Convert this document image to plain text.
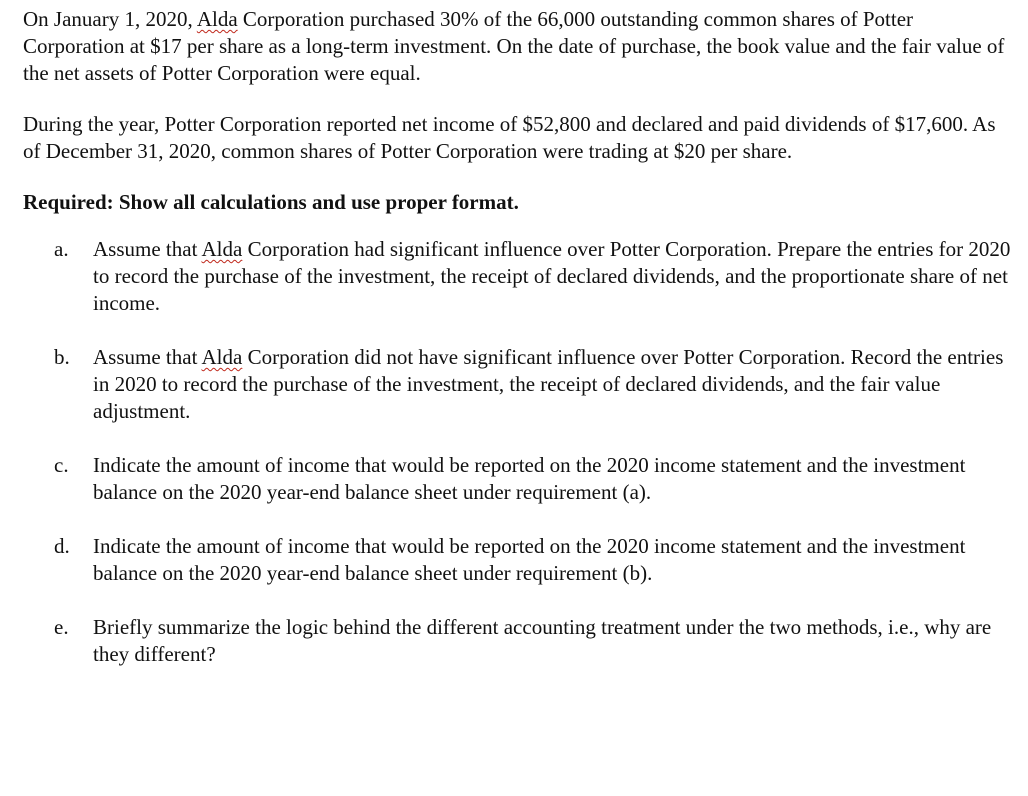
On January 1, 2020, Alda Corporation purchased 30% of the 66,000 outstanding common shares of Potter Corporation at $17 per share as a long-term investment. On the date of purchase, the book value and the fair value of the net assets of Potter Corporation were equal.

During the year, Potter Corporation reported net income of $52,800 and declared and paid dividends of $17,600. As of December 31, 2020, common shares of Potter Corporation were trading at $20 per share.

Required: Show all calculations and use proper format.

a. Assume that Alda Corporation had significant influence over Potter Corporation. Prepare the entries for 2020 to record the purchase of the investment, the receipt of declared dividends, and the proportionate share of net income.
b. Assume that Alda Corporation did not have significant influence over Potter Corporation. Record the entries in 2020 to record the purchase of the investment, the receipt of declared dividends, and the fair value adjustment.
c. Indicate the amount of income that would be reported on the 2020 income statement and the investment balance on the 2020 year-end balance sheet under requirement (a).
d. Indicate the amount of income that would be reported on the 2020 income statement and the investment balance on the 2020 year-end balance sheet under requirement (b).
e. Briefly summarize the logic behind the different accounting treatment under the two methods, i.e., why are they different?
